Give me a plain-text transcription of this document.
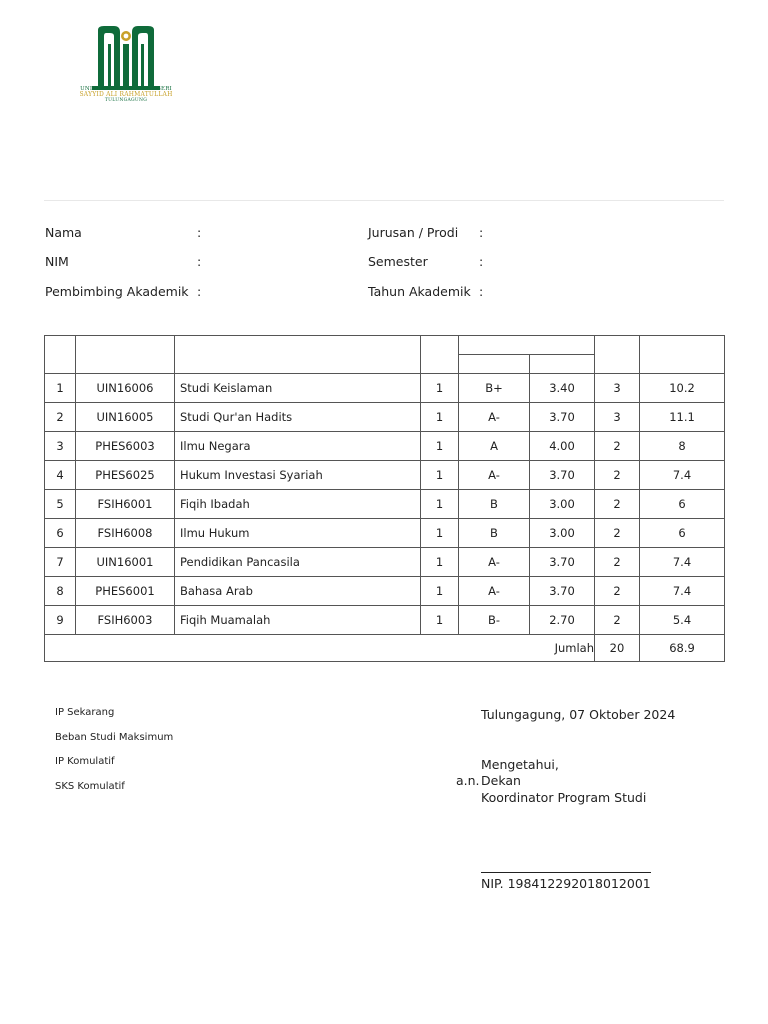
UNIVERSITAS ISLAM NEGERI
SAYYID ALI RAHMATULLAH
TULUNGAGUNG
Nama	:
NIM	:
Pembimbing Akademik :
Jurusan / Prodi :
Semester	:
Tahun Akademik :

1	UIN16006	Studi Keislaman	1	B+	3.40	3	10.2
2	UIN16005	Studi Qur'an Hadits	1	A-	3.70	3	11.1
3	PHES6003	Ilmu Negara	1	A	4.00	2	8
4	PHES6025	Hukum Investasi Syariah	1	A-	3.70	2	7.4
5	FSIH6001	Fiqih Ibadah	1	B	3.00	2	6
6	FSIH6008	Ilmu Hukum	1	B	3.00	2	6
7	UIN16001	Pendidikan Pancasila	1	A-	3.70	2	7.4
8	PHES6001	Bahasa Arab	1	A-	3.70	2	7.4
9	FSIH6003	Fiqih Muamalah	1	B-	2.70	2	5.4
Jumlah						20	68.9
IP Sekarang
Beban Studi Maksimum
IP Komulatif
SKS Komulatif
Tulungagung, 07 Oktober 2024
Mengetahui,
a.n. Dekan
Koordinator Program Studi
NIP. 198412292018012001
